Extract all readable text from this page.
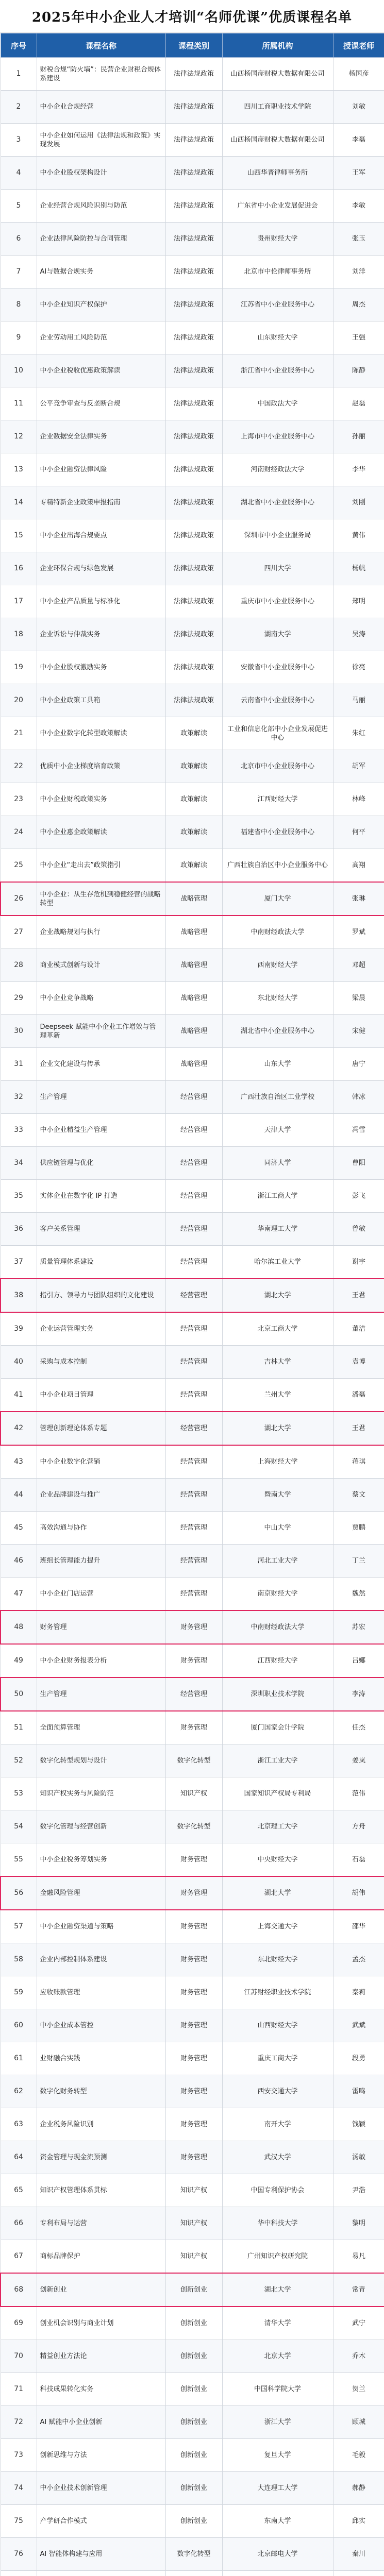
2025年中小企业人才培训“名师优课”优质课程名单
序号	课程名称	课程类别	所属机构	授课老师
1	财税合规“防火墙”：民营企业财税合规体系建设	法律法规政策	山西杨国彦财税大数据有限公司	杨国彦
2	中小企业合规经营	法律法规政策	四川工商职业技术学院	刘敏
3	中小企业如何运用《法律法规和政策》实现发展	法律法规政策	山西杨国彦财税大数据有限公司	李磊
4	中小企业股权架构设计	法律法规政策	山西华晋律师事务所	王军
5	企业经营合规风险识别与防范	法律法规政策	广东省中小企业发展促进会	李敏
6	企业法律风险防控与合同管理	法律法规政策	贵州财经大学	张玉
7	AI与数据合规实务	法律法规政策	北京市中伦律师事务所	刘洋
8	中小企业知识产权保护	法律法规政策	江苏省中小企业服务中心	周杰
9	企业劳动用工风险防范	法律法规政策	山东财经大学	王强
10	中小企业税收优惠政策解读	法律法规政策	浙江省中小企业服务中心	陈静
11	公平竞争审查与反垄断合规	法律法规政策	中国政法大学	赵磊
12	企业数据安全法律实务	法律法规政策	上海市中小企业服务中心	孙丽
13	中小企业融资法律风险	法律法规政策	河南财经政法大学	李华
14	专精特新企业政策申报指南	法律法规政策	湖北省中小企业服务中心	刘刚
15	中小企业出海合规要点	法律法规政策	深圳市中小企业服务局	黄伟
16	企业环保合规与绿色发展	法律法规政策	四川大学	杨帆
17	中小企业产品质量与标准化	法律法规政策	重庆市中小企业服务中心	郑明
18	企业诉讼与仲裁实务	法律法规政策	湖南大学	吴涛
19	中小企业股权激励实务	法律法规政策	安徽省中小企业服务中心	徐亮
20	中小企业政策工具箱	法律法规政策	云南省中小企业服务中心	马丽
21	中小企业数字化转型政策解读	政策解读	工业和信息化部中小企业发展促进中心	朱红
22	优质中小企业梯度培育政策	政策解读	北京市中小企业服务中心	胡军
23	中小企业财税政策实务	政策解读	江西财经大学	林峰
24	中小企业惠企政策解读	政策解读	福建省中小企业服务中心	何平
25	中小企业“走出去”政策指引	政策解读	广西壮族自治区中小企业服务中心	高翔
26	中小企业：从生存危机到稳健经营的战略转型	战略管理	厦门大学	张琳
27	企业战略规划与执行	战略管理	中南财经政法大学	罗斌
28	商业模式创新与设计	战略管理	西南财经大学	邓超
29	中小企业竞争战略	战略管理	东北财经大学	梁晨
30	Deepseek 赋能中小企业工作增效与管理革新	战略管理	湖北省中小企业服务中心	宋健
31	企业文化建设与传承	战略管理	山东大学	唐宁
32	生产管理	经营管理	广西壮族自治区工业学校	韩冰
33	中小企业精益生产管理	经营管理	天津大学	冯雪
34	供应链管理与优化	经营管理	同济大学	曹阳
35	实体企业在数字化 IP 打造	经营管理	浙江工商大学	彭飞
36	客户关系管理	经营管理	华南理工大学	曾敏
37	质量管理体系建设	经营管理	哈尔滨工业大学	谢宇
38	指引方、领导力与团队组织的文化建设	经营管理	湖北大学	王君
39	企业运营管理实务	经营管理	北京工商大学	董洁
40	采购与成本控制	经营管理	吉林大学	袁博
41	中小企业项目管理	经营管理	兰州大学	潘磊
42	管理创新理论体系专题	经营管理	湖北大学	王君
43	中小企业数字化营销	经营管理	上海财经大学	蒋琪
44	企业品牌建设与推广	经营管理	暨南大学	蔡文
45	高效沟通与协作	经营管理	中山大学	贾鹏
46	班组长管理能力提升	经营管理	河北工业大学	丁兰
47	中小企业门店运营	经营管理	南京财经大学	魏然
48	财务管理	财务管理	中南财经政法大学	苏宏
49	中小企业财务报表分析	财务管理	江西财经大学	吕娜
50	生产管理	经营管理	深圳职业技术学院	李涛
51	全面预算管理	财务管理	厦门国家会计学院	任杰
52	数字化转型规划与设计	数字化转型	浙江工业大学	姜岚
53	知识产权实务与风险防范	知识产权	国家知识产权局专利局	范伟
54	数字化管理与经营创新	数字化转型	北京理工大学	方舟
55	中小企业税务筹划实务	财务管理	中央财经大学	石磊
56	金融风险管理	财务管理	湖北大学	胡伟
57	中小企业融资渠道与策略	财务管理	上海交通大学	邵华
58	企业内部控制体系建设	财务管理	东北财经大学	孟杰
59	应收账款管理	财务管理	江苏财经职业技术学院	秦莉
60	中小企业成本管控	财务管理	山西财经大学	武斌
61	业财融合实践	财务管理	重庆工商大学	段勇
62	数字化财务转型	财务管理	西安交通大学	雷鸣
63	企业税务风险识别	财务管理	南开大学	钱颖
64	资金管理与现金流预测	财务管理	武汉大学	汤敏
65	知识产权管理体系贯标	知识产权	中国专利保护协会	尹浩
66	专利布局与运营	知识产权	华中科技大学	黎明
67	商标品牌保护	知识产权	广州知识产权研究院	易凡
68	创新创业	创新创业	湖北大学	常青
69	创业机会识别与商业计划	创新创业	清华大学	武宁
70	精益创业方法论	创新创业	北京大学	乔木
71	科技成果转化实务	创新创业	中国科学院大学	贺兰
72	AI 赋能中小企业创新	创新创业	浙江大学	顾城
73	创新思维与方法	创新创业	复旦大学	毛毅
74	中小企业技术创新管理	创新创业	大连理工大学	郝静
75	产学研合作模式	创新创业	东南大学	邱实
76	AI 智能体构建与应用	数字化转型	北京邮电大学	秦川
